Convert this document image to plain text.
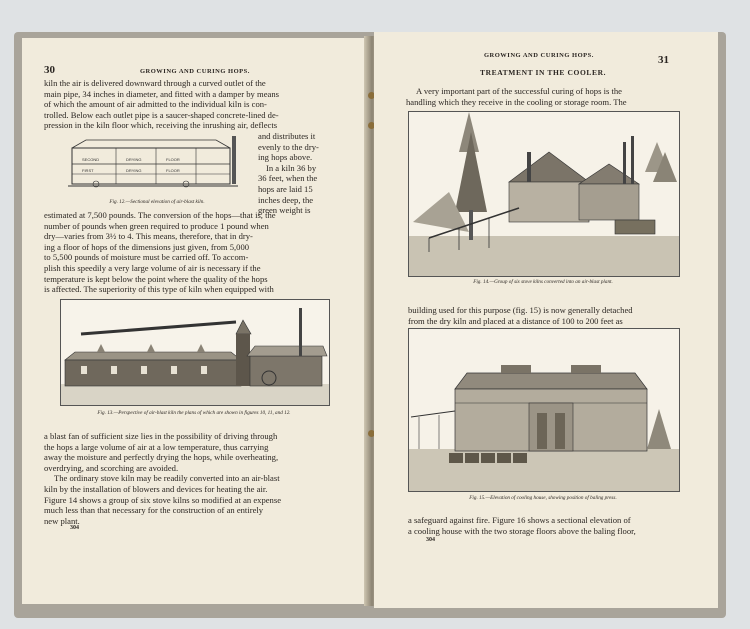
30	GROWING AND CURING HOPS.
kiln the air is delivered downward through a curved outlet of the
main pipe, 34 inches in diameter, and fitted with a damper by means
of which the amount of air admitted to the individual kiln is con-
trolled. Below each outlet pipe is a saucer-shaped concrete-lined de-
pression in the kiln floor which, receiving the inrushing air, deflects
and distributes it
evenly to the dry-
ing hops above.
In a kiln 36 by
36 feet, when the
hops are laid 15
inches deep, the
green weight is
SECOND	DRYING	FLOOR
FIRST	DRYING	FLOOR
Fig. 12.—Sectional elevation of air-blast kiln.
estimated at 7,500 pounds. The conversion of the hops—that is, the
number of pounds when green required to produce 1 pound when
dry—varies from 3½ to 4. This means, therefore, that in dry-
ing a floor of hops of the dimensions just given, from 5,000
to 5,500 pounds of moisture must be carried off. To accom-
plish this speedily a very large volume of air is necessary if the
temperature is kept below the point where the quality of the hops
is affected. The superiority of this type of kiln when equipped with
Fig. 13.—Perspective of air-blast kiln the plans of which are shown in figures 10, 11, and 12.
a blast fan of sufficient size lies in the possibility of driving through
the hops a large volume of air at a low temperature, thus carrying
away the moisture and perfectly drying the hops, while overheating,
overdrying, and scorching are avoided.
The ordinary stove kiln may be readily converted into an air-blast
kiln by the installation of blowers and devices for heating the air.
Figure 14 shows a group of six stove kilns so modified at an expense
much less than that necessary for the construction of an entirely
new plant.
304
GROWING AND CURING HOPS.	31
TREATMENT IN THE COOLER.
A very important part of the successful curing of hops is the
handling which they receive in the cooling or storage room. The
Fig. 14.—Group of six stove kilns converted into an air-blast plant.
building used for this purpose (fig. 15) is now generally detached
from the dry kiln and placed at a distance of 100 to 200 feet as
Fig. 15.—Elevation of cooling house, showing position of baling press.
a safeguard against fire. Figure 16 shows a sectional elevation of
a cooling house with the two storage floors above the baling floor,
304
